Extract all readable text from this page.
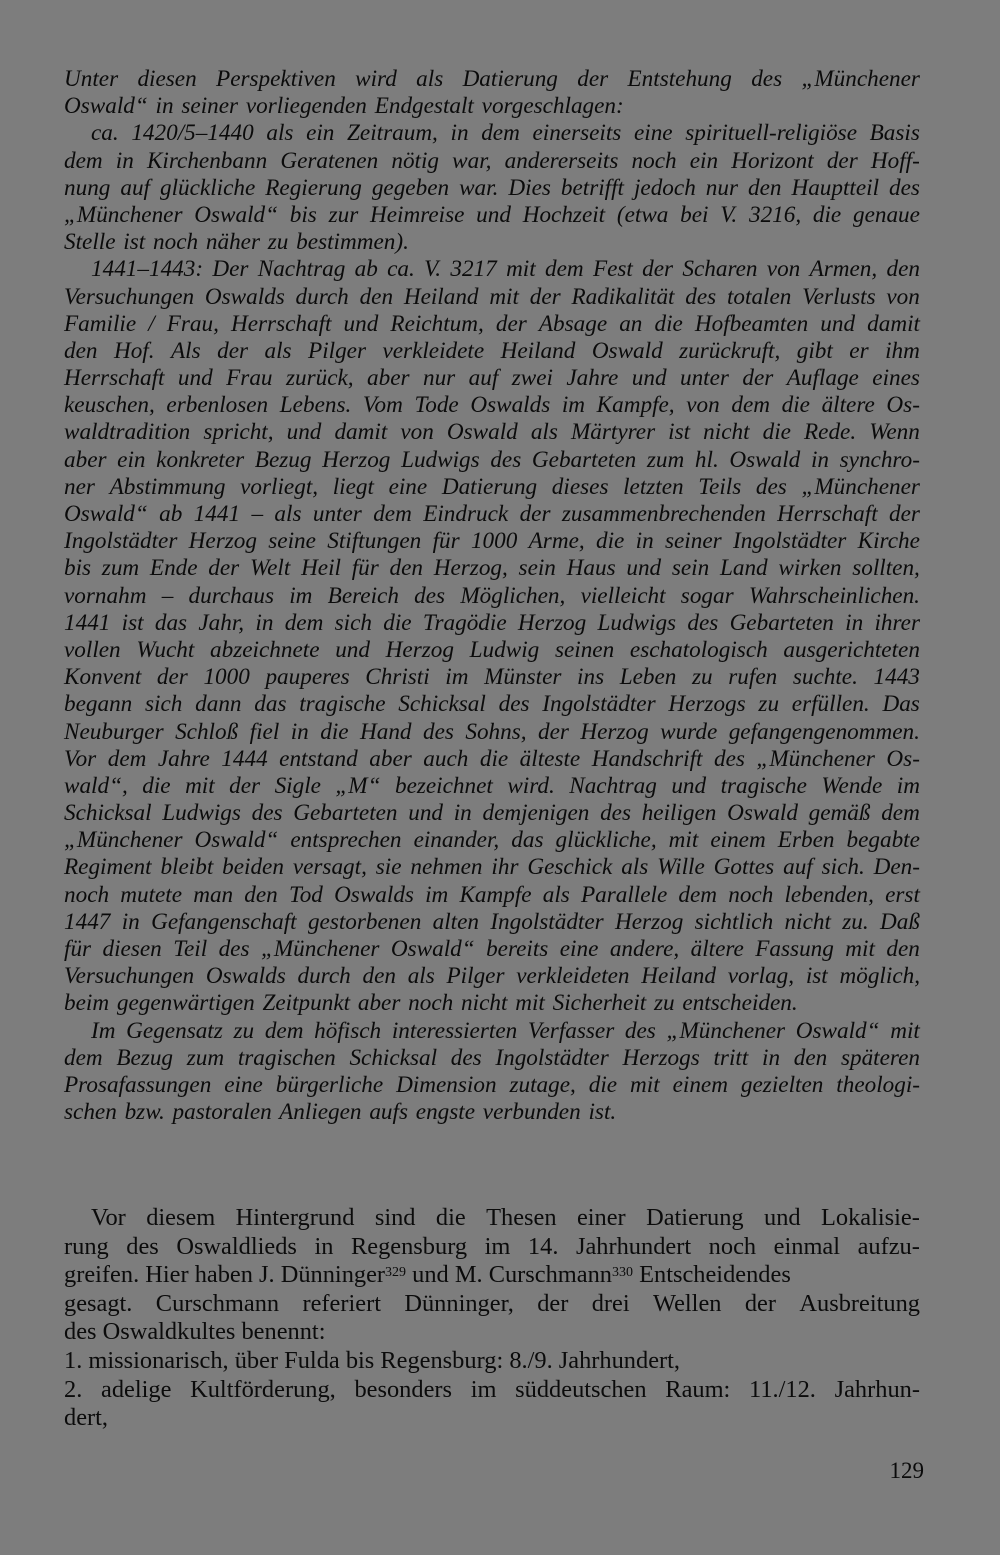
Unter diesen Perspektiven wird als Datierung der Entstehung des „Münchener
Oswald“ in seiner vorliegenden Endgestalt vorgeschlagen:
ca. 1420/5–1440 als ein Zeitraum, in dem einerseits eine spirituell-religiöse Basis
dem in Kirchenbann Geratenen nötig war, andererseits noch ein Horizont der Hoff-
nung auf glückliche Regierung gegeben war. Dies betrifft jedoch nur den Hauptteil des
„Münchener Oswald“ bis zur Heimreise und Hochzeit (etwa bei V. 3216, die genaue
Stelle ist noch näher zu bestimmen).
1441–1443: Der Nachtrag ab ca. V. 3217 mit dem Fest der Scharen von Armen, den
Versuchungen Oswalds durch den Heiland mit der Radikalität des totalen Verlusts von
Familie / Frau, Herrschaft und Reichtum, der Absage an die Hofbeamten und damit
den Hof. Als der als Pilger verkleidete Heiland Oswald zurückruft, gibt er ihm
Herrschaft und Frau zurück, aber nur auf zwei Jahre und unter der Auflage eines
keuschen, erbenlosen Lebens. Vom Tode Oswalds im Kampfe, von dem die ältere Os-
waldtradition spricht, und damit von Oswald als Märtyrer ist nicht die Rede. Wenn
aber ein konkreter Bezug Herzog Ludwigs des Gebarteten zum hl. Oswald in synchro-
ner Abstimmung vorliegt, liegt eine Datierung dieses letzten Teils des „Münchener
Oswald“ ab 1441 – als unter dem Eindruck der zusammenbrechenden Herrschaft der
Ingolstädter Herzog seine Stiftungen für 1000 Arme, die in seiner Ingolstädter Kirche
bis zum Ende der Welt Heil für den Herzog, sein Haus und sein Land wirken sollten,
vornahm – durchaus im Bereich des Möglichen, vielleicht sogar Wahrscheinlichen.
1441 ist das Jahr, in dem sich die Tragödie Herzog Ludwigs des Gebarteten in ihrer
vollen Wucht abzeichnete und Herzog Ludwig seinen eschatologisch ausgerichteten
Konvent der 1000 pauperes Christi im Münster ins Leben zu rufen suchte. 1443
begann sich dann das tragische Schicksal des Ingolstädter Herzogs zu erfüllen. Das
Neuburger Schloß fiel in die Hand des Sohns, der Herzog wurde gefangengenommen.
Vor dem Jahre 1444 entstand aber auch die älteste Handschrift des „Münchener Os-
wald“, die mit der Sigle „M“ bezeichnet wird. Nachtrag und tragische Wende im
Schicksal Ludwigs des Gebarteten und in demjenigen des heiligen Oswald gemäß dem
„Münchener Oswald“ entsprechen einander, das glückliche, mit einem Erben begabte
Regiment bleibt beiden versagt, sie nehmen ihr Geschick als Wille Gottes auf sich. Den-
noch mutete man den Tod Oswalds im Kampfe als Parallele dem noch lebenden, erst
1447 in Gefangenschaft gestorbenen alten Ingolstädter Herzog sichtlich nicht zu. Daß
für diesen Teil des „Münchener Oswald“ bereits eine andere, ältere Fassung mit den
Versuchungen Oswalds durch den als Pilger verkleideten Heiland vorlag, ist möglich,
beim gegenwärtigen Zeitpunkt aber noch nicht mit Sicherheit zu entscheiden.
Im Gegensatz zu dem höfisch interessierten Verfasser des „Münchener Oswald“ mit
dem Bezug zum tragischen Schicksal des Ingolstädter Herzogs tritt in den späteren
Prosafassungen eine bürgerliche Dimension zutage, die mit einem gezielten theologi-
schen bzw. pastoralen Anliegen aufs engste verbunden ist.
Vor diesem Hintergrund sind die Thesen einer Datierung und Lokalisie-
rung des Oswaldlieds in Regensburg im 14. Jahrhundert noch einmal aufzu-
greifen. Hier haben J. Dünninger$^{329}$ und M. Curschmann$^{330}$ Entscheidendes
gesagt. Curschmann referiert Dünninger, der drei Wellen der Ausbreitung
des Oswaldkultes benennt:
1. missionarisch, über Fulda bis Regensburg: 8./9. Jahrhundert,
2. adelige Kultförderung, besonders im süddeutschen Raum: 11./12. Jahrhun-
dert,
129
